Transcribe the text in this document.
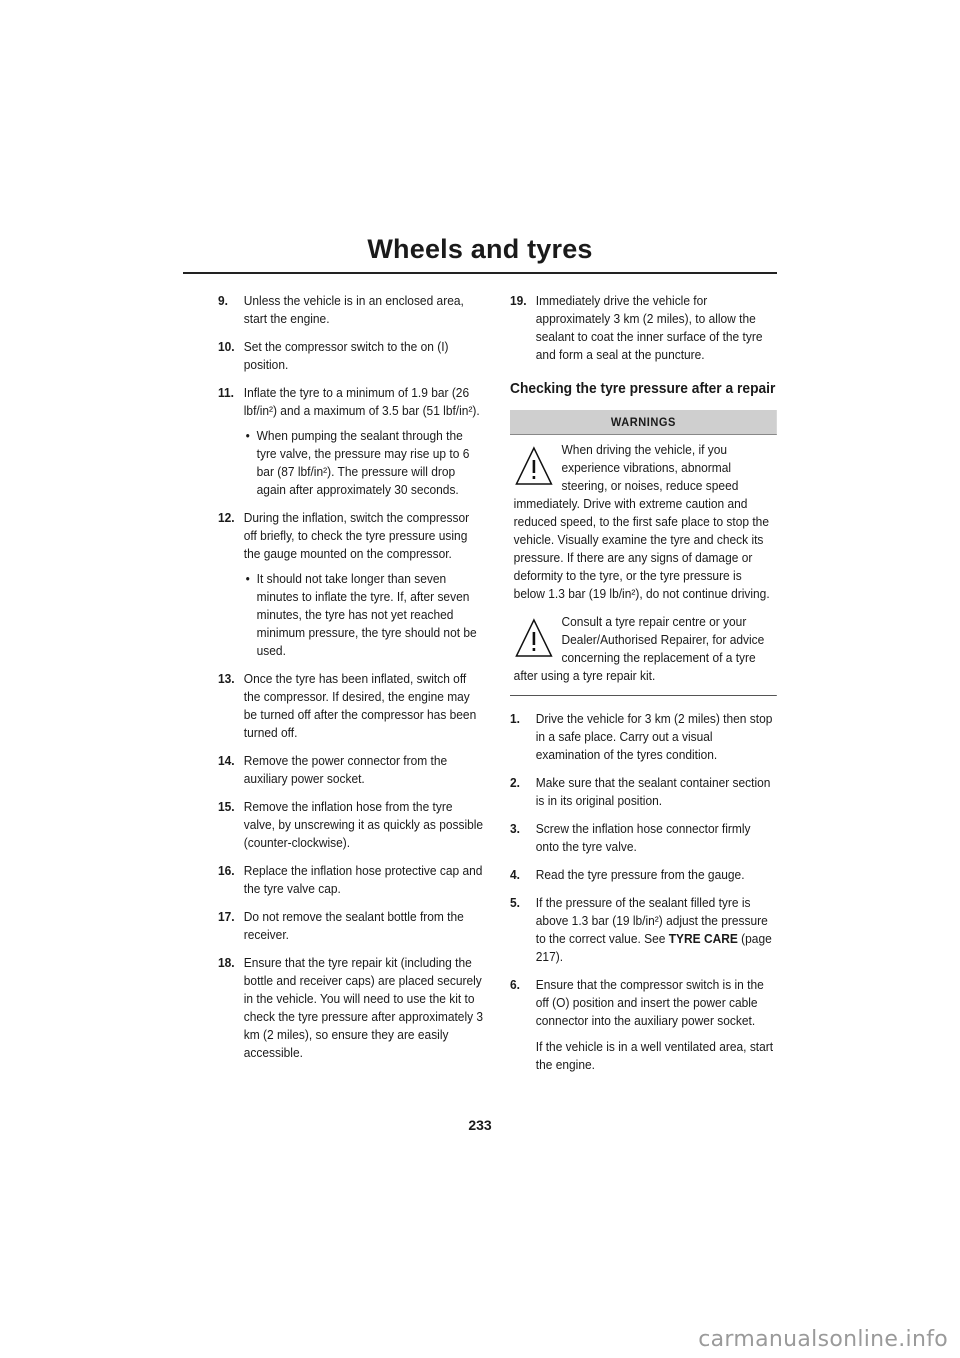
Wheels and tyres
9. Unless the vehicle is in an enclosed area, start the engine.

10. Set the compressor switch to the on (I) position.

11. Inflate the tyre to a minimum of 1.9 bar (26 lbf/in²) and a maximum of 3.5 bar (51 lbf/in²).

• When pumping the sealant through the tyre valve, the pressure may rise up to 6 bar (87 lbf/in²). The pressure will drop again after approximately 30 seconds.
12. During the inflation, switch the compressor off briefly, to check the tyre pressure using the gauge mounted on the compressor.

• It should not take longer than seven minutes to inflate the tyre. If, after seven minutes, the tyre has not yet reached minimum pressure, the tyre should not be used.
13. Once the tyre has been inflated, switch off the compressor. If desired, the engine may be turned off after the compressor has been turned off.

14. Remove the power connector from the auxiliary power socket.

15. Remove the inflation hose from the tyre valve, by unscrewing it as quickly as possible (counter-clockwise).

16. Replace the inflation hose protective cap and the tyre valve cap.

17. Do not remove the sealant bottle from the receiver.

18. Ensure that the tyre repair kit (including the bottle and receiver caps) are placed securely in the vehicle. You will need to use the kit to check the tyre pressure after approximately 3 km (2 miles), so ensure they are easily accessible.

19. Immediately drive the vehicle for approximately 3 km (2 miles), to allow the sealant to coat the inner surface of the tyre and form a seal at the puncture.

Checking the tyre pressure after a repair
WARNINGS

When driving the vehicle, if you experience vibrations, abnormal steering, or noises, reduce speed immediately. Drive with extreme caution and reduced speed, to the first safe place to stop the vehicle. Visually examine the tyre and check its pressure. If there are any signs of damage or deformity to the tyre, or the tyre pressure is below 1.3 bar (19 lb/in²), do not continue driving.

Consult a tyre repair centre or your Dealer/Authorised Repairer, for advice concerning the replacement of a tyre after using a tyre repair kit.

1. Drive the vehicle for 3 km (2 miles) then stop in a safe place. Carry out a visual examination of the tyres condition.

2. Make sure that the sealant container section is in its original position.

3. Screw the inflation hose connector firmly onto the tyre valve.

4. Read the tyre pressure from the gauge.

5. If the pressure of the sealant filled tyre is above 1.3 bar (19 lb/in²) adjust the pressure to the correct value. See TYRE CARE (page 217).

6. Ensure that the compressor switch is in the off (O) position and insert the power cable connector into the auxiliary power socket.

If the vehicle is in a well ventilated area, start the engine.

233
carmanualsonline.info
